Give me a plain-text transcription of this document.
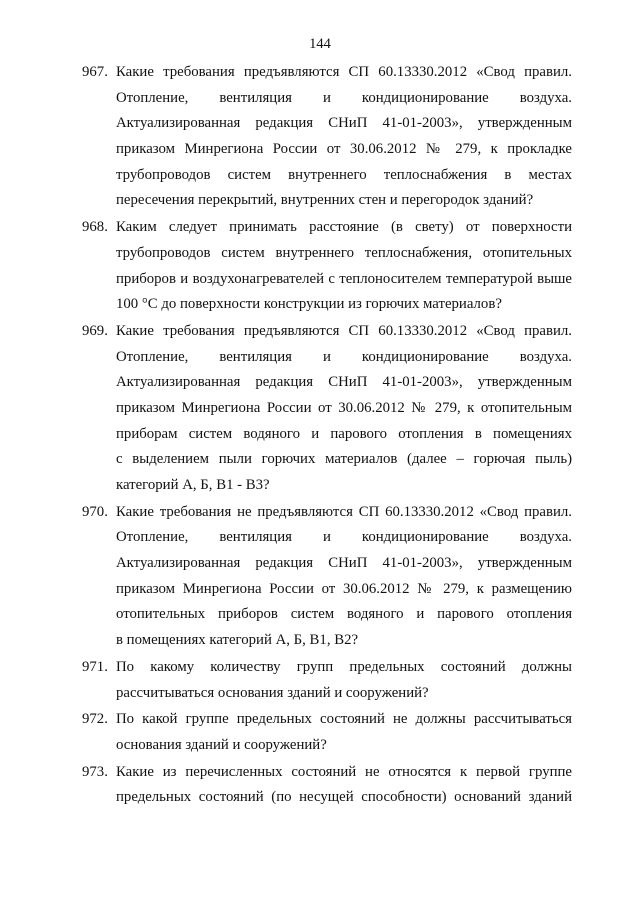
144
967. Какие требования предъявляются СП 60.13330.2012 «Свод правил.
Отопление, вентиляция и кондиционирование воздуха.
Актуализированная редакция СНиП 41-01-2003», утвержденным
приказом Минрегиона России от 30.06.2012 № 279, к прокладке
трубопроводов систем внутреннего теплоснабжения в местах
пересечения перекрытий, внутренних стен и перегородок зданий?
968. Каким следует принимать расстояние (в свету) от поверхности
трубопроводов систем внутреннего теплоснабжения, отопительных
приборов и воздухонагревателей с теплоносителем температурой выше
100 °С до поверхности конструкции из горючих материалов?
969. Какие требования предъявляются СП 60.13330.2012 «Свод правил.
Отопление, вентиляция и кондиционирование воздуха.
Актуализированная редакция СНиП 41-01-2003», утвержденным
приказом Минрегиона России от 30.06.2012 № 279, к отопительным
приборам систем водяного и парового отопления в помещениях
с выделением пыли горючих материалов (далее – горючая пыль)
категорий А, Б, В1 - В3?
970. Какие требования не предъявляются СП 60.13330.2012 «Свод правил.
Отопление, вентиляция и кондиционирование воздуха.
Актуализированная редакция СНиП 41-01-2003», утвержденным
приказом Минрегиона России от 30.06.2012 № 279, к размещению
отопительных приборов систем водяного и парового отопления
в помещениях категорий А, Б, В1, В2?
971. По какому количеству групп предельных состояний должны
рассчитываться основания зданий и сооружений?
972. По какой группе предельных состояний не должны рассчитываться
основания зданий и сооружений?
973. Какие из перечисленных состояний не относятся к первой группе
предельных состояний (по несущей способности) оснований зданий
